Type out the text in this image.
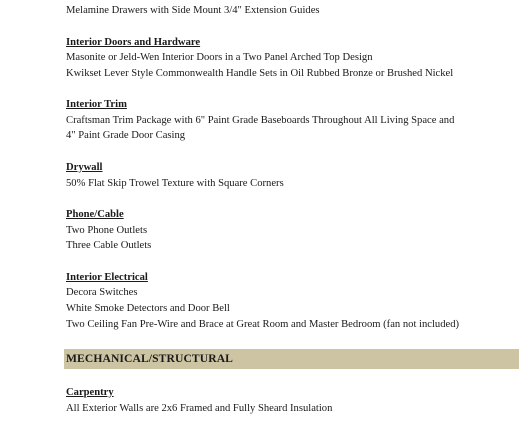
Melamine Drawers with Side Mount 3/4" Extension Guides
Interior Doors and Hardware
Masonite or Jeld-Wen Interior Doors in a Two Panel Arched Top Design
Kwikset Lever Style Commonwealth Handle Sets in Oil Rubbed Bronze or Brushed Nickel
Interior Trim
Craftsman Trim Package with 6" Paint Grade Baseboards Throughout All Living Space and
4" Paint Grade Door Casing
Drywall
50% Flat Skip Trowel Texture with Square Corners
Phone/Cable
Two Phone Outlets
Three Cable Outlets
Interior Electrical
Decora Switches
White Smoke Detectors and Door Bell
Two Ceiling Fan Pre-Wire and Brace at Great Room and Master Bedroom (fan not included)
MECHANICAL/STRUCTURAL
Carpentry
All Exterior Walls are 2x6 Framed and Fully Sheard Insulation
